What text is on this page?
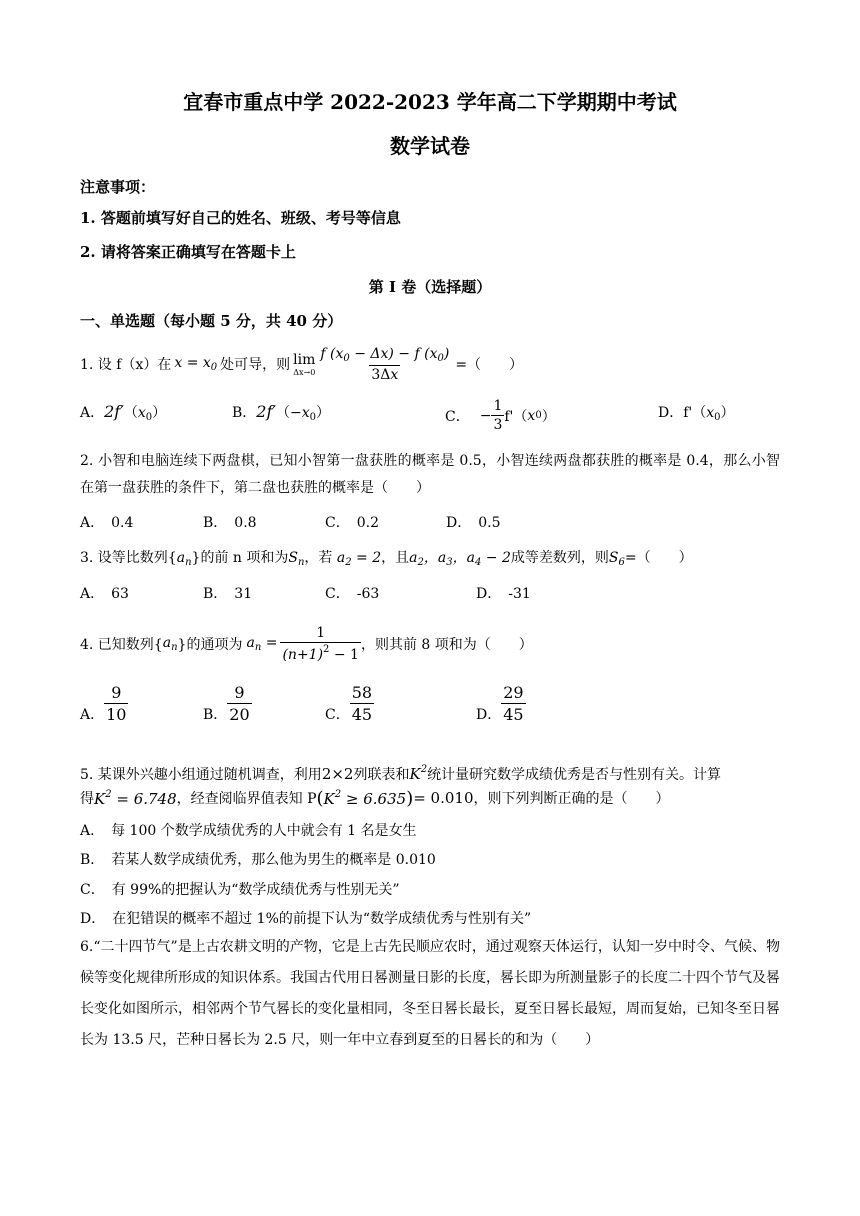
宜春市重点中学 2022-2023 学年高二下学期期中考试
数学试卷
注意事项：
1. 答题前填写好自己的姓名、班级、考号等信息
2. 请将答案正确填写在答题卡上
第 I 卷（选择题）
一、单选题（每小题 5 分，共 40 分）
1. 设 f（x）在 $x = x_0$ 处可导，则 lim
$\Delta x\to 0 \frac{f (x_0 - \Delta x) - f (x_0)}{3\Delta x}$ =（　　）
A．$2f'(x_0)$	B．$2f'(-x_0)$	C． − $\frac{1}{3} f'$（ x 0 ）	D．$f'(x_0)$
2. 小智和电脑连续下两盘棋，已知小智第一盘获胜的概率是 0.5，小智连续两盘都获胜的概率是 0.4，那么小智在第一盘获胜的条件下，第二盘也获胜的概率是（　　）
A．　0.4	B．　0.8	C．　0.2	D．　0.5
3. 设等比数列$\{a_n\}$的前 n 项和为$S_n$，若 $a_2 = 2$，且$a_2$，$a_3$，$a_4 - 2$成等差数列，则$S_6=$（　　）
A．　63	B．　31	C．　-63	D．　-31
4. 已知数列{ $a_n$ }的通项为 $a_n = \frac{1}{(n+1)^2 - 1}$ ，则其前 8 项和为（　　）
A． $\frac{9}{10}$	B． $\frac{9}{20}$	C． $\frac{58}{45}$	D． $\frac{29}{45}$
5. 某课外兴趣小组通过随机调查，利用2×2列联表和$K^2$统计量研究数学成绩优秀是否与性别有关。计算
得 $K^2 = 6.748$ ，经查阅临界值表知 P ( $K^2 \ge 6.635$ ) = 0.010 ，则下列判断正确的是（　　）
A．　每 100 个数学成绩优秀的人中就会有 1 名是女生
B．　若某人数学成绩优秀，那么他为男生的概率是 0.010
C．　有 99%的把握认为“数学成绩优秀与性别无关”
D．　在犯错误的概率不超过 1%的前提下认为“数学成绩优秀与性别有关”
6.“二十四节气”是上古农耕文明的产物，它是上古先民顺应农时，通过观察天体运行，认知一岁中时令、气候、物候等变化规律所形成的知识体系。我国古代用日晷测量日影的长度，晷长即为所测量影子的长度二十四个节气及晷长变化如图所示，相邻两个节气晷长的变化量相同，冬至日晷长最长，夏至日晷长最短，周而复始，已知冬至日晷长为 13.5 尺，芒种日晷长为 2.5 尺，则一年中立春到夏至的日晷长的和为（　　）
